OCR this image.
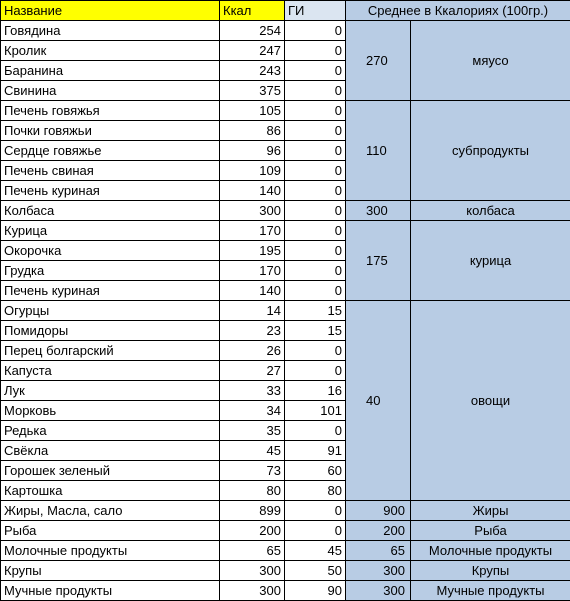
Название	Ккал	ГИ	Среднее в Ккалориях (100гр.)	
Говядина	254	0	270	мяусо
Кролик	247	0		
Баранина	243	0		
Свинина	375	0		
Печень говяжья	105	0	110	субпродукты
Почки говяжьи	86	0		
Сердце говяжье	96	0		
Печень свиная	109	0		
Печень куриная	140	0		
Колбаса	300	0	300	колбаса
Курица	170	0	175	курица
Окорочка	195	0		
Грудка	170	0		
Печень куриная	140	0		
Огурцы	14	15	40	овощи
Помидоры	23	15		
Перец болгарский	26	0		
Капуста	27	0		
Лук	33	16		
Морковь	34	101		
Редька	35	0		
Свёкла	45	91		
Горошек зеленый	73	60		
Картошка	80	80		
Жиры, Масла, сало	899	0	900	Жиры
Рыба	200	0	200	Рыба
Молочные продукты	65	45	65	Молочные продукты
Крупы	300	50	300	Крупы
Мучные продукты	300	90	300	Мучные продукты
